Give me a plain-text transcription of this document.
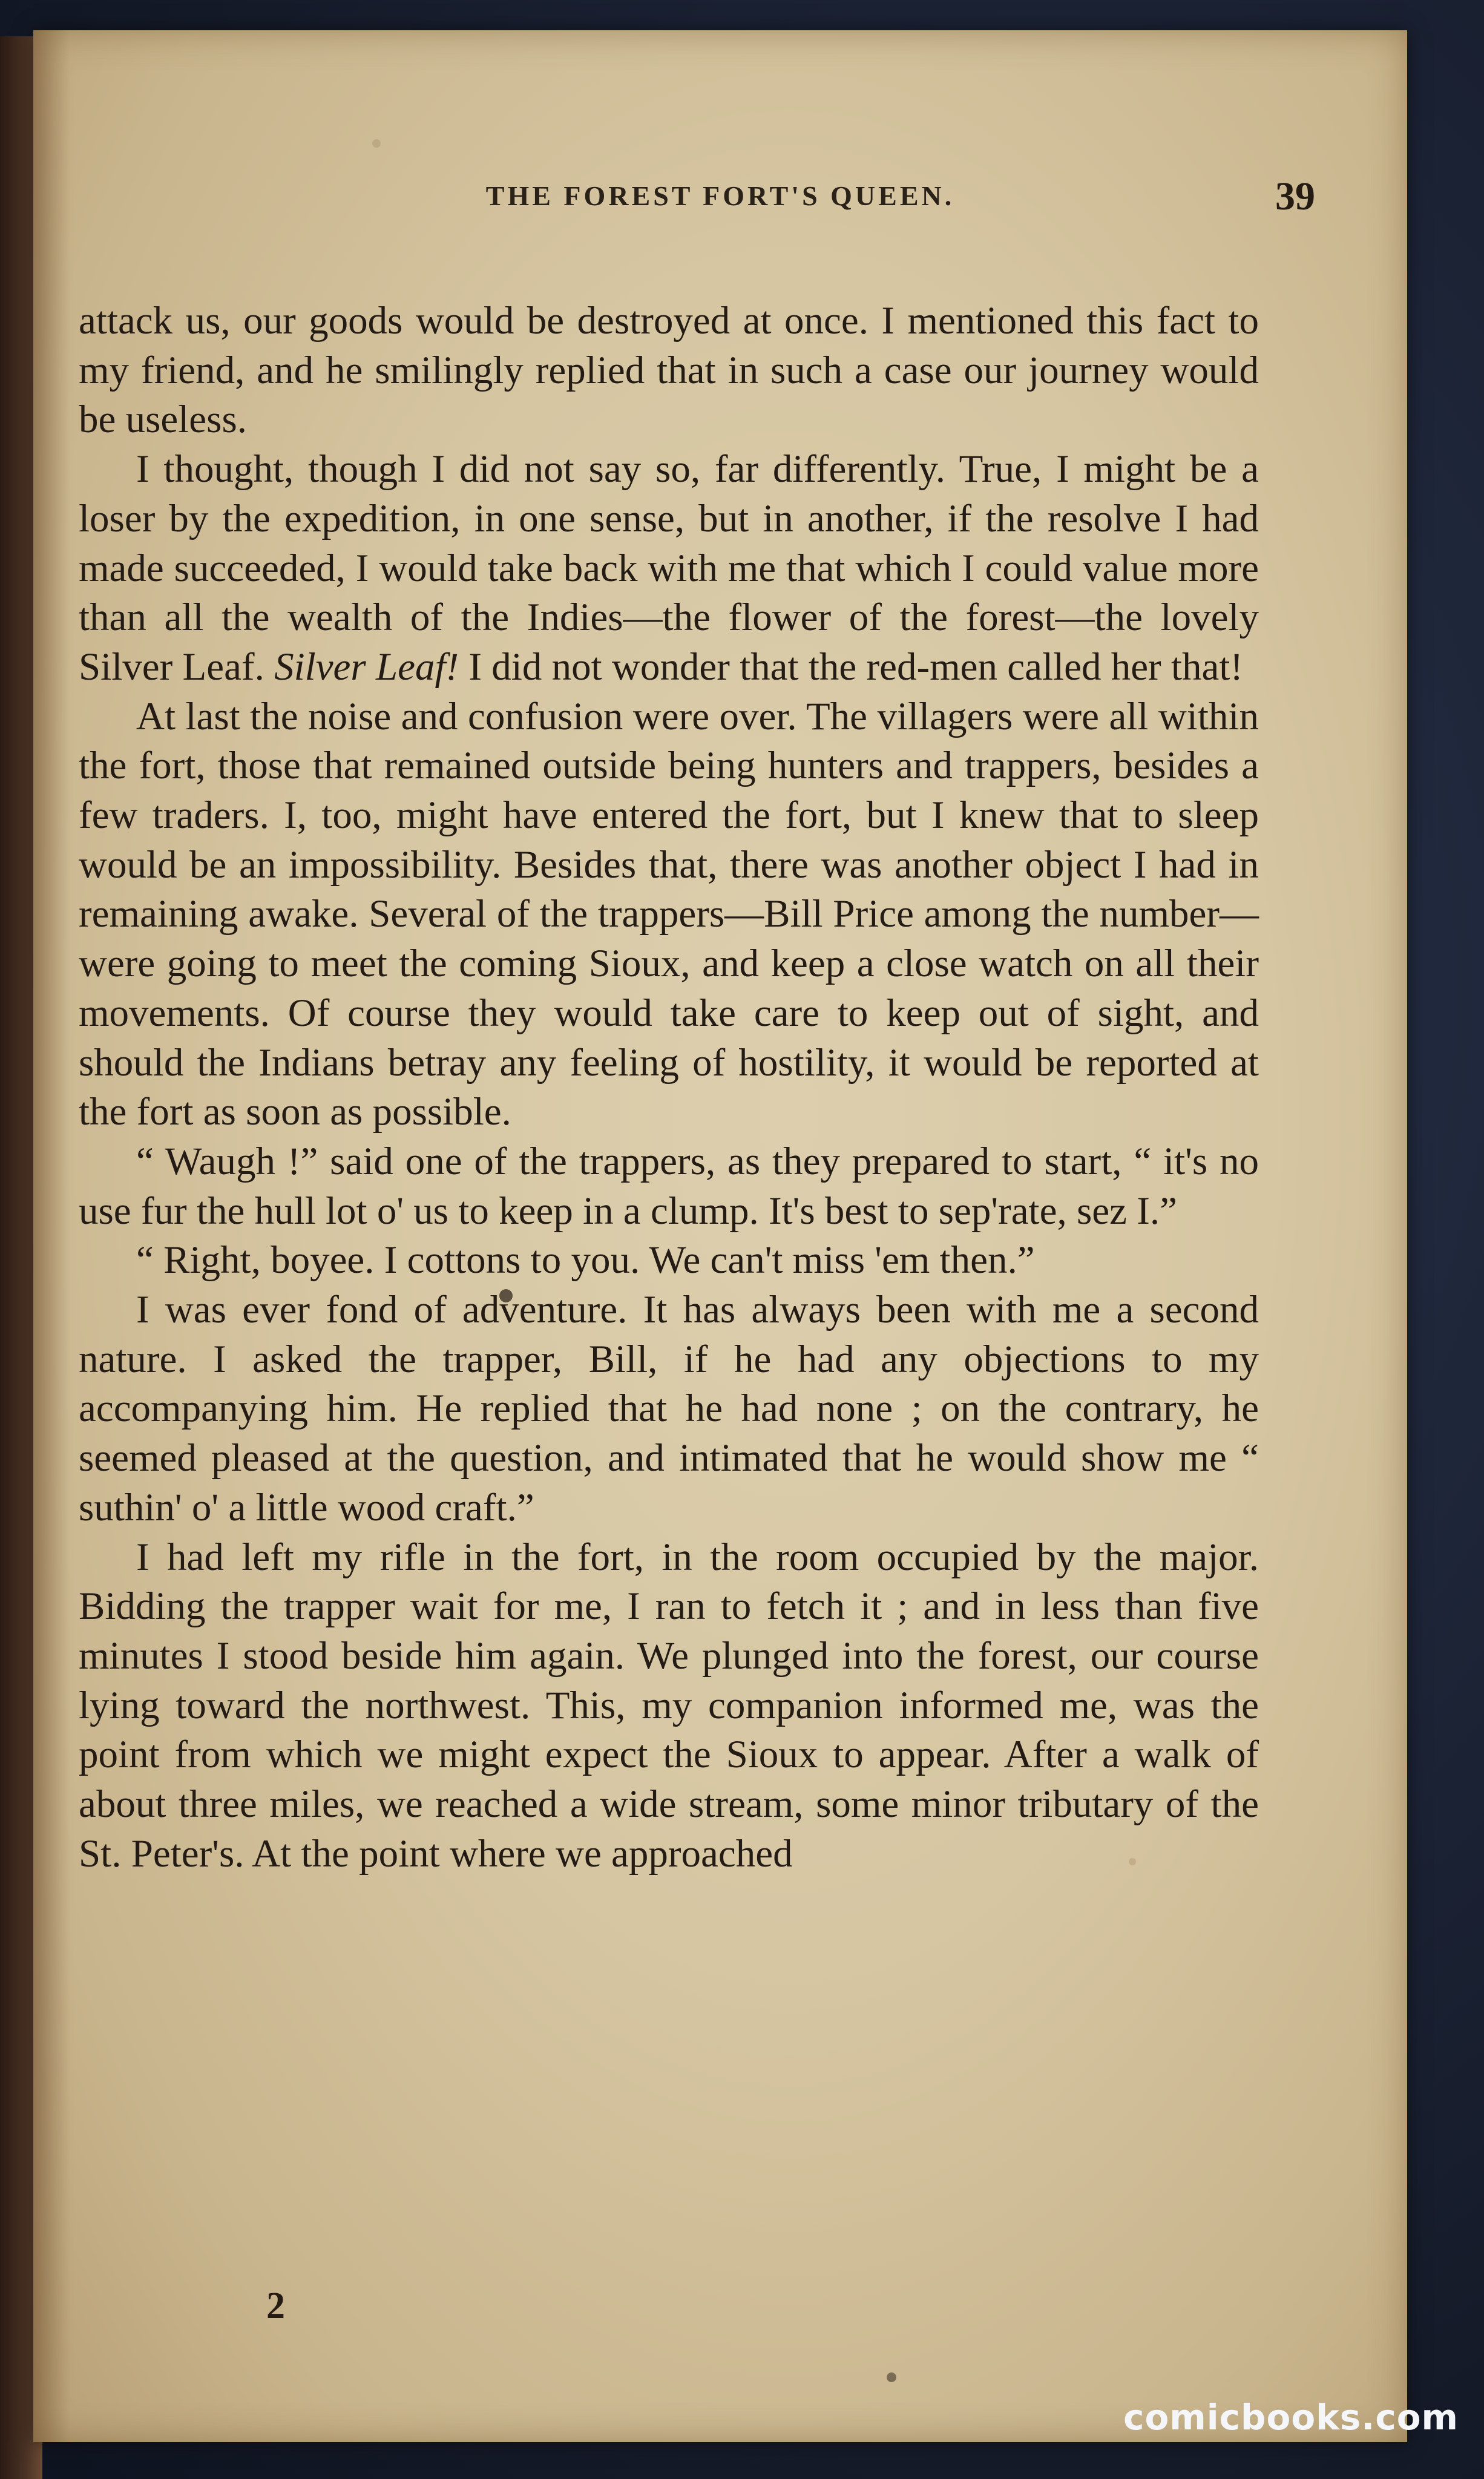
THE FOREST FORT'S QUEEN.	39

attack us, our goods would be destroyed at once. I mentioned this fact to my friend, and he smilingly replied that in such a case our journey would be useless.

I thought, though I did not say so, far differently. True, I might be a loser by the expedition, in one sense, but in another, if the resolve I had made succeeded, I would take back with me that which I could value more than all the wealth of the Indies—the flower of the forest—the lovely Silver Leaf. Silver Leaf! I did not wonder that the red-men called her that!

At last the noise and confusion were over. The villagers were all within the fort, those that remained outside being hunters and trappers, besides a few traders. I, too, might have entered the fort, but I knew that to sleep would be an impossibility. Besides that, there was another object I had in remaining awake. Several of the trappers—Bill Price among the number—were going to meet the coming Sioux, and keep a close watch on all their movements. Of course they would take care to keep out of sight, and should the Indians betray any feeling of hostility, it would be reported at the fort as soon as possible.

“ Waugh !” said one of the trappers, as they prepared to start, “ it's no use fur the hull lot o' us to keep in a clump. It's best to sep'rate, sez I.”

“ Right, boyee. I cottons to you. We can't miss 'em then.”

I was ever fond of adventure. It has always been with me a second nature. I asked the trapper, Bill, if he had any objections to my accompanying him. He replied that he had none ; on the contrary, he seemed pleased at the question, and intimated that he would show me “ suthin' o' a little wood craft.”

I had left my rifle in the fort, in the room occupied by the major. Bidding the trapper wait for me, I ran to fetch it ; and in less than five minutes I stood beside him again. We plunged into the forest, our course lying toward the northwest. This, my companion informed me, was the point from which we might expect the Sioux to appear. After a walk of about three miles, we reached a wide stream, some minor tributary of the St. Peter's. At the point where we approached

2
comicbooks.com
